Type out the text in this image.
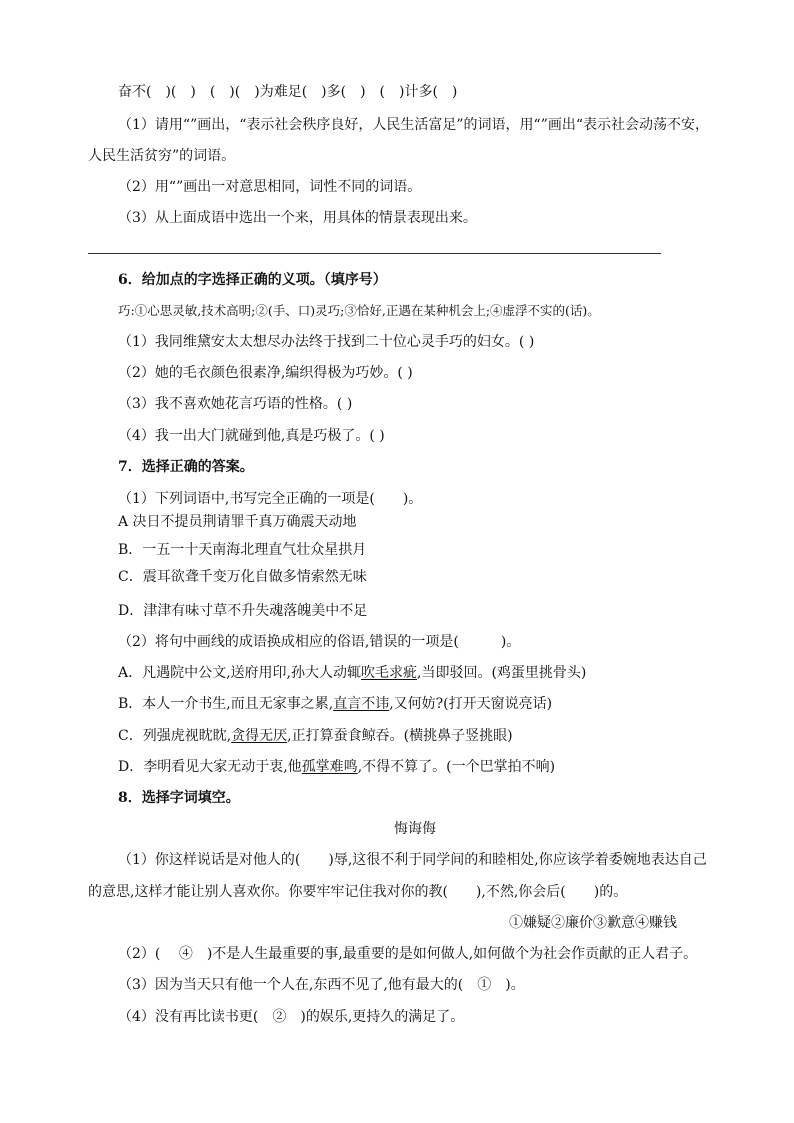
奋不(　)(　)　(　)(　)为难足(　)多(　)　(　)计多(　)
（1）请用“”画出，“表示社会秩序良好，人民生活富足”的词语，用“”画出“表示社会动荡不安，
人民生活贫穷”的词语。
（2）用“”画出一对意思相同，词性不同的词语。
（3）从上面成语中选出一个来，用具体的情景表现出来。
6．给加点的字选择正确的义项。（填序号）
巧:①心思灵敏,技术高明;②(手、口)灵巧;③恰好,正遇在某种机会上;④虚浮不实的(话)。
（1）我同维黛安太太想尽办法终于找到二十位心灵手巧的妇女。( )
（2）她的毛衣颜色很素净,编织得极为巧妙。( )
（3）我不喜欢她花言巧语的性格。( )
（4）我一出大门就碰到他,真是巧极了。( )
7．选择正确的答案。
（1）下列词语中,书写完全正确的一项是(　　)。
A 决日不提员荆请罪千真万确震天动地
B．一五一十天南海北理直气壮众星拱月
C．震耳欲聋千变万化自做多情索然无味
D．津津有味寸草不升失魂落魄美中不足
（2）将句中画线的成语换成相应的俗语,错误的一项是(　　　)。
A．凡遇院中公文,送府用印,孙大人动辄吹毛求疵,当即驳回。(鸡蛋里挑骨头)
B．本人一介书生,而且无家事之累,直言不讳,又何妨?(打开天窗说亮话)
C．列强虎视眈眈,贪得无厌,正打算蚕食鲸吞。(横挑鼻子竖挑眼)
D．李明看见大家无动于衷,他孤掌难鸣,不得不算了。(一个巴掌拍不响)
8．选择字词填空。
悔诲侮
（1）你这样说话是对他人的(　　)辱,这很不利于同学间的和睦相处,你应该学着委婉地表达自己
的意思,这样才能让别人喜欢你。你要牢牢记住我对你的教(　　),不然,你会后(　　)的。
①嫌疑②廉价③歉意④赚钱
（2）(　 ④　)不是人生最重要的事,最重要的是如何做人,如何做个为社会作贡献的正人君子。
（3）因为当天只有他一个人在,东西不见了,他有最大的(　①　)。
（4）没有再比读书更(　②　)的娱乐,更持久的满足了。
